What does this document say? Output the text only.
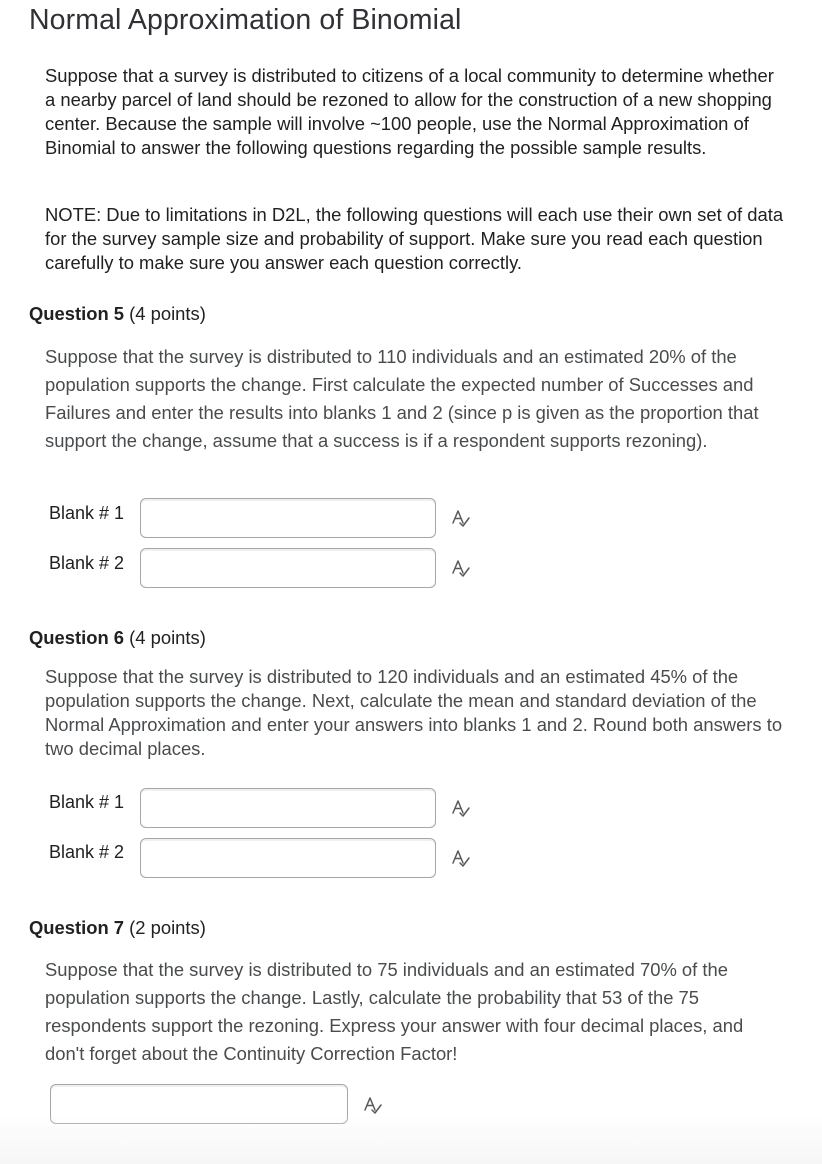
Normal Approximation of Binomial
Suppose that a survey is distributed to citizens of a local community to determine whether a nearby parcel of land should be rezoned to allow for the construction of a new shopping center. Because the sample will involve ~100 people, use the Normal Approximation of Binomial to answer the following questions regarding the possible sample results.
NOTE: Due to limitations in D2L, the following questions will each use their own set of data for the survey sample size and probability of support. Make sure you read each question carefully to make sure you answer each question correctly.
Question 5 (4 points)
Suppose that the survey is distributed to 110 individuals and an estimated 20% of the population supports the change. First calculate the expected number of Successes and Failures and enter the results into blanks 1 and 2 (since p is given as the proportion that support the change, assume that a success is if a respondent supports rezoning).
Blank # 1
Blank # 2
Question 6 (4 points)
Suppose that the survey is distributed to 120 individuals and an estimated 45% of the population supports the change. Next, calculate the mean and standard deviation of the Normal Approximation and enter your answers into blanks 1 and 2. Round both answers to two decimal places.
Blank # 1
Blank # 2
Question 7 (2 points)
Suppose that the survey is distributed to 75 individuals and an estimated 70% of the population supports the change. Lastly, calculate the probability that 53 of the 75 respondents support the rezoning. Express your answer with four decimal places, and don't forget about the Continuity Correction Factor!
